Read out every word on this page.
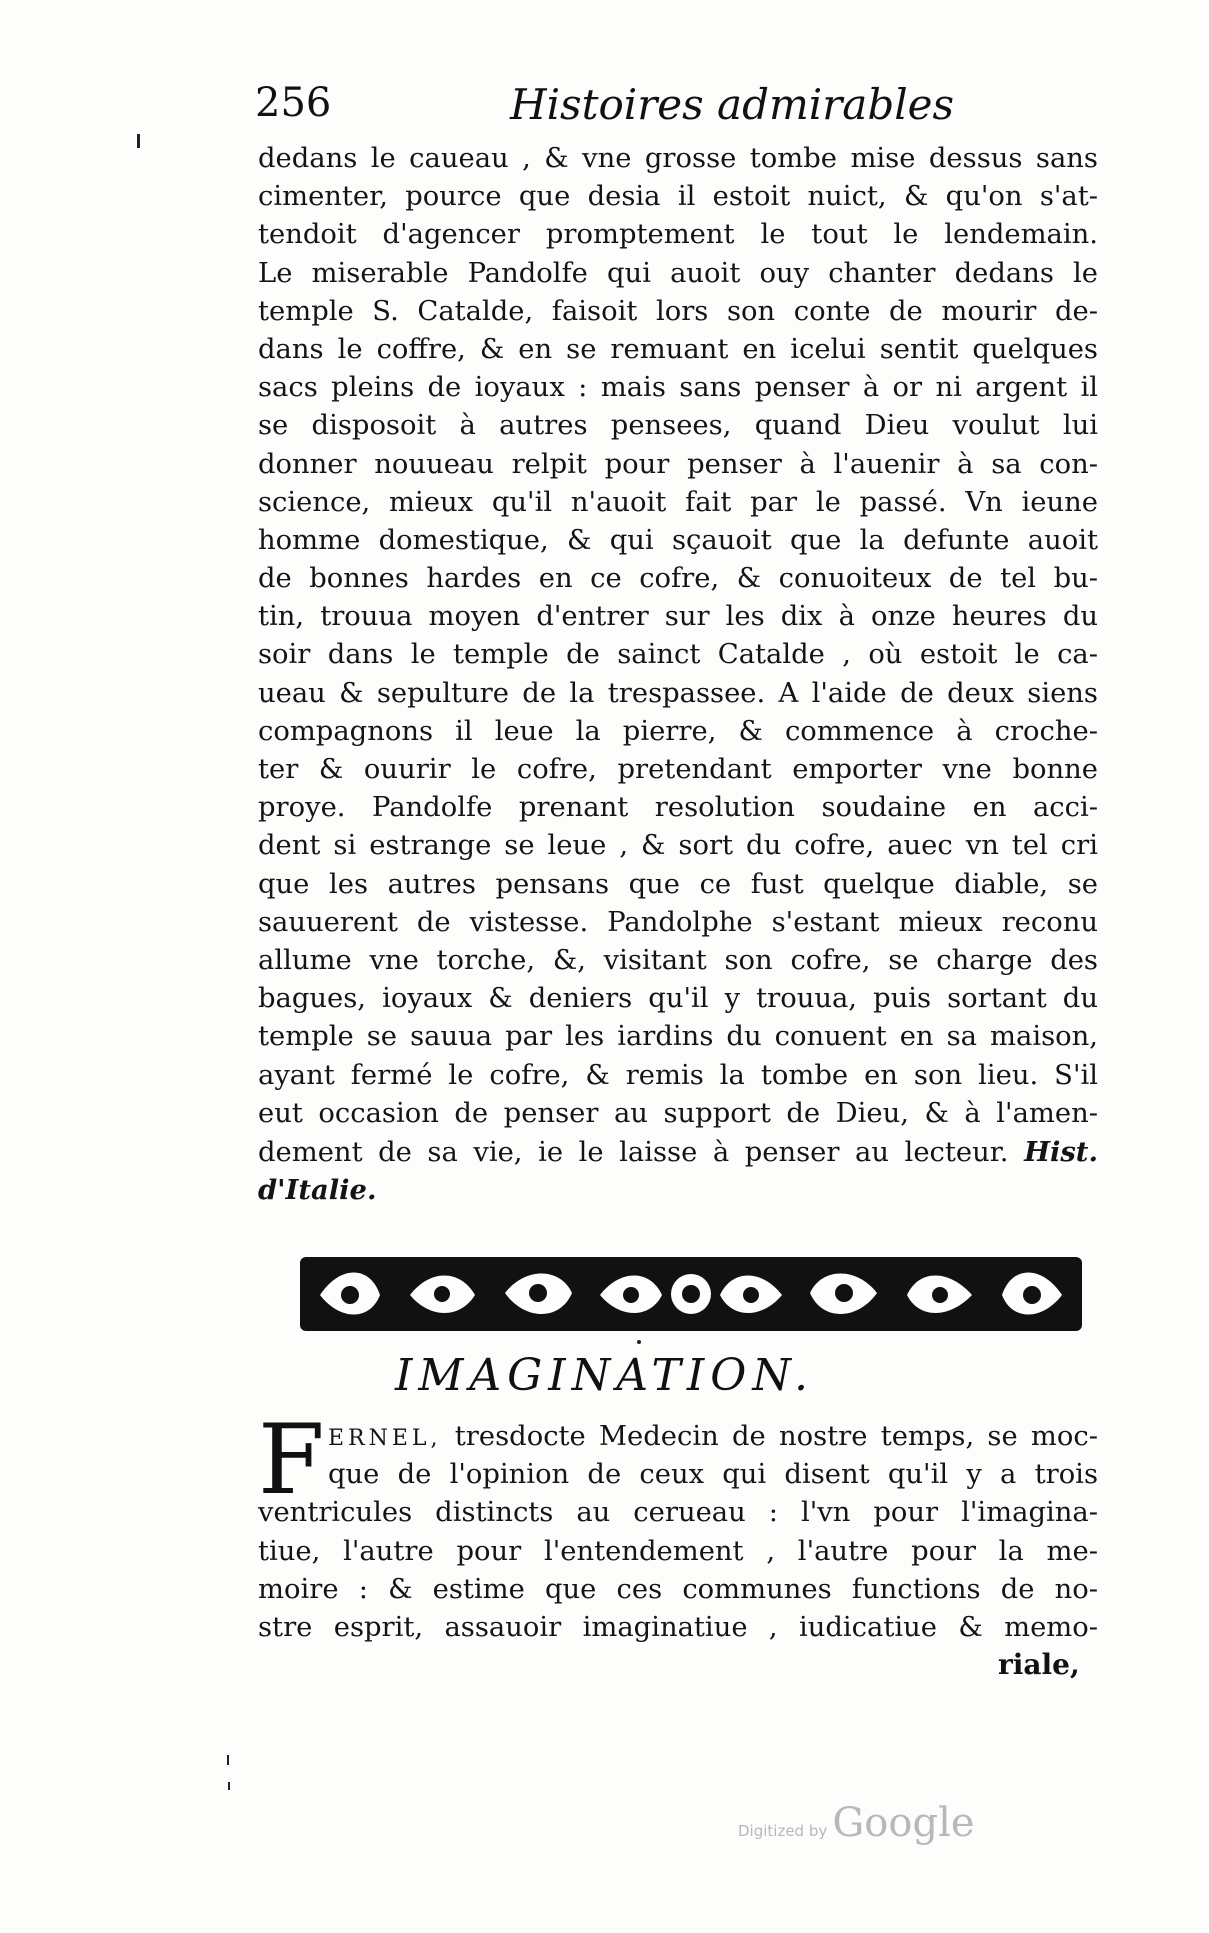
256	Histoires admirables
dedans le caueau , & vne grosse tombe mise dessus sans
cimenter, pource que desia il estoit nuict, & qu'on s'at-
tendoit d'agencer promptement le tout le lendemain.
Le miserable Pandolfe qui auoit ouy chanter dedans le
temple S. Catalde, faisoit lors son conte de mourir de-
dans le coffre, & en se remuant en icelui sentit quelques
sacs pleins de ioyaux : mais sans penser à or ni argent il
se disposoit à autres pensees, quand Dieu voulut lui
donner nouueau relpit pour penser à l'auenir à sa con-
science, mieux qu'il n'auoit fait par le passé. Vn ieune
homme domestique, & qui sçauoit que la defunte auoit
de bonnes hardes en ce cofre, & conuoiteux de tel bu-
tin, trouua moyen d'entrer sur les dix à onze heures du
soir dans le temple de sainct Catalde , où estoit le ca-
ueau & sepulture de la trespassee. A l'aide de deux siens
compagnons il leue la pierre, & commence à croche-
ter & ouurir le cofre, pretendant emporter vne bonne
proye. Pandolfe prenant resolution soudaine en acci-
dent si estrange se leue , & sort du cofre, auec vn tel cri
que les autres pensans que ce fust quelque diable, se
sauuerent de vistesse. Pandolphe s'estant mieux reconu
allume vne torche, &, visitant son cofre, se charge des
bagues, ioyaux & deniers qu'il y trouua, puis sortant du
temple se sauua par les iardins du conuent en sa maison,
ayant fermé le cofre, & remis la tombe en son lieu. S'il
eut occasion de penser au support de Dieu, & à l'amen-
dement de sa vie, ie le laisse à penser au lecteur. Hist.
d'Italie.
IMAGINATION.
F ERNEL, tresdocte Medecin de nostre temps, se moc-
que de l'opinion de ceux qui disent qu'il y a trois
ventricules distincts au cerueau : l'vn pour l'imagina-
tiue, l'autre pour l'entendement , l'autre pour la me-
moire : & estime que ces communes functions de no-
stre esprit, assauoir imaginatiue , iudicatiue & memo-
riale,
Digitized by Google
